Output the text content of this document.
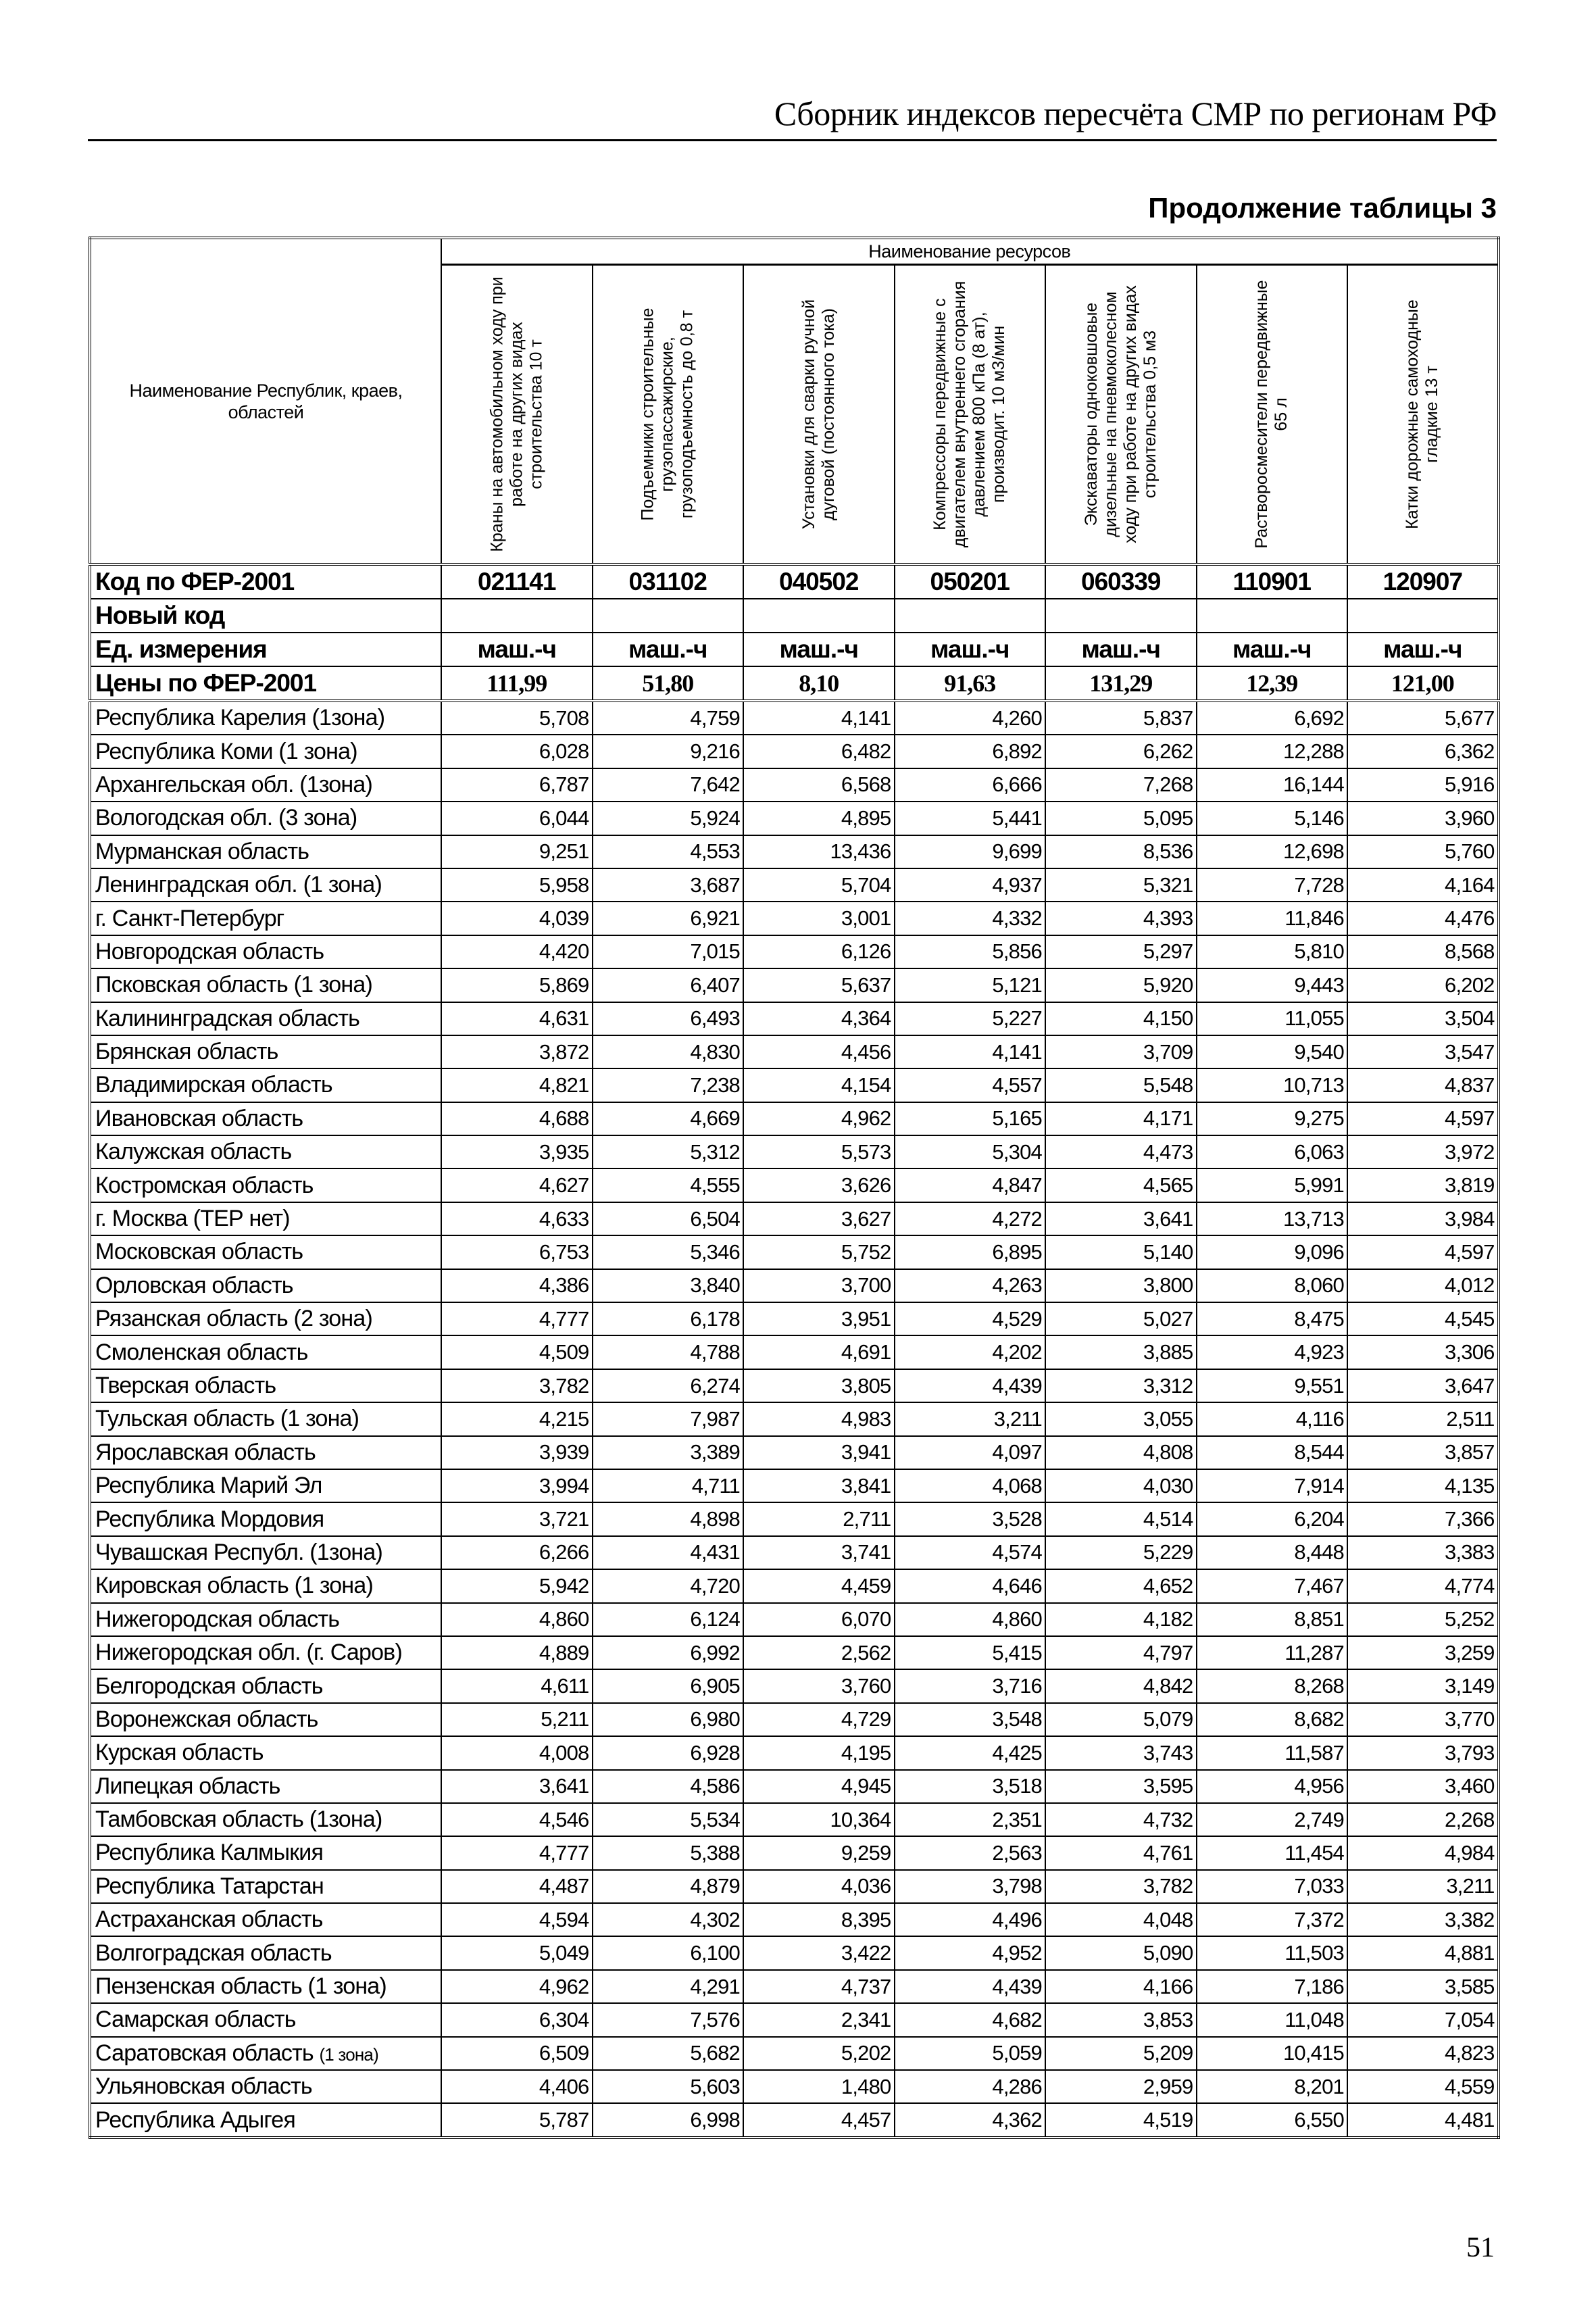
Сборник индексов пересчёта СМР по регионам РФ
Продолжение таблицы 3
Наименование Республик, краев, областей	Наименование ресурсов						

	Краны на автомобильном ходу при работе на других видах строительства 10 т	Подъемники строительные грузопассажирские, грузоподъемность до 0,8 т	Установки для сварки ручной дуговой (постоянного тока)	Компрессоры передвижные с двигателем внутреннего сгорания давлением 800 кПа (8 ат), производит. 10 м3/мин	Экскаваторы одноковшовые дизельные на пневмоколесном ходу при работе на других видах строительства 0,5 м3	Растворосмесители передвижные 65 л	Катки дорожные самоходные гладкие 13 т

Код по ФЕР-2001	021141	031102	040502	050201	060339	110901	120907
Новый код							
Ед. измерения	маш.-ч	маш.-ч	маш.-ч	маш.-ч	маш.-ч	маш.-ч	маш.-ч
Цены по ФЕР-2001	111,99	51,80	8,10	91,63	131,29	12,39	121,00
Республика Карелия (1зона)	5,708	4,759	4,141	4,260	5,837	6,692	5,677
Республика Коми (1 зона)	6,028	9,216	6,482	6,892	6,262	12,288	6,362
Архангельская обл. (1зона)	6,787	7,642	6,568	6,666	7,268	16,144	5,916
Вологодская обл. (3 зона)	6,044	5,924	4,895	5,441	5,095	5,146	3,960
Мурманская область	9,251	4,553	13,436	9,699	8,536	12,698	5,760
Ленинградская обл. (1 зона)	5,958	3,687	5,704	4,937	5,321	7,728	4,164
г. Санкт-Петербург	4,039	6,921	3,001	4,332	4,393	11,846	4,476
Новгородская область	4,420	7,015	6,126	5,856	5,297	5,810	8,568
Псковская область (1 зона)	5,869	6,407	5,637	5,121	5,920	9,443	6,202
Калининградская область	4,631	6,493	4,364	5,227	4,150	11,055	3,504
Брянская область	3,872	4,830	4,456	4,141	3,709	9,540	3,547
Владимирская область	4,821	7,238	4,154	4,557	5,548	10,713	4,837
Ивановская область	4,688	4,669	4,962	5,165	4,171	9,275	4,597
Калужская область	3,935	5,312	5,573	5,304	4,473	6,063	3,972
Костромская область	4,627	4,555	3,626	4,847	4,565	5,991	3,819
г. Москва (ТЕР нет)	4,633	6,504	3,627	4,272	3,641	13,713	3,984
Московская область	6,753	5,346	5,752	6,895	5,140	9,096	4,597
Орловская область	4,386	3,840	3,700	4,263	3,800	8,060	4,012
Рязанская область (2 зона)	4,777	6,178	3,951	4,529	5,027	8,475	4,545
Смоленская область	4,509	4,788	4,691	4,202	3,885	4,923	3,306
Тверская область	3,782	6,274	3,805	4,439	3,312	9,551	3,647
Тульская область (1 зона)	4,215	7,987	4,983	3,211	3,055	4,116	2,511
Ярославская область	3,939	3,389	3,941	4,097	4,808	8,544	3,857
Республика Марий Эл	3,994	4,711	3,841	4,068	4,030	7,914	4,135
Республика Мордовия	3,721	4,898	2,711	3,528	4,514	6,204	7,366
Чувашская Республ. (1зона)	6,266	4,431	3,741	4,574	5,229	8,448	3,383
Кировская область (1 зона)	5,942	4,720	4,459	4,646	4,652	7,467	4,774
Нижегородская область	4,860	6,124	6,070	4,860	4,182	8,851	5,252
Нижегородская обл. (г. Саров)	4,889	6,992	2,562	5,415	4,797	11,287	3,259
Белгородская область	4,611	6,905	3,760	3,716	4,842	8,268	3,149
Воронежская область	5,211	6,980	4,729	3,548	5,079	8,682	3,770
Курская область	4,008	6,928	4,195	4,425	3,743	11,587	3,793
Липецкая область	3,641	4,586	4,945	3,518	3,595	4,956	3,460
Тамбовская область (1зона)	4,546	5,534	10,364	2,351	4,732	2,749	2,268
Республика Калмыкия	4,777	5,388	9,259	2,563	4,761	11,454	4,984
Республика Татарстан	4,487	4,879	4,036	3,798	3,782	7,033	3,211
Астраханская область	4,594	4,302	8,395	4,496	4,048	7,372	3,382
Волгоградская область	5,049	6,100	3,422	4,952	5,090	11,503	4,881
Пензенская область (1 зона)	4,962	4,291	4,737	4,439	4,166	7,186	3,585
Самарская область	6,304	7,576	2,341	4,682	3,853	11,048	7,054
Саратовская область (1 зона)	6,509	5,682	5,202	5,059	5,209	10,415	4,823
Ульяновская область	4,406	5,603	1,480	4,286	2,959	8,201	4,559
Республика Адыгея	5,787	6,998	4,457	4,362	4,519	6,550	4,481
51
